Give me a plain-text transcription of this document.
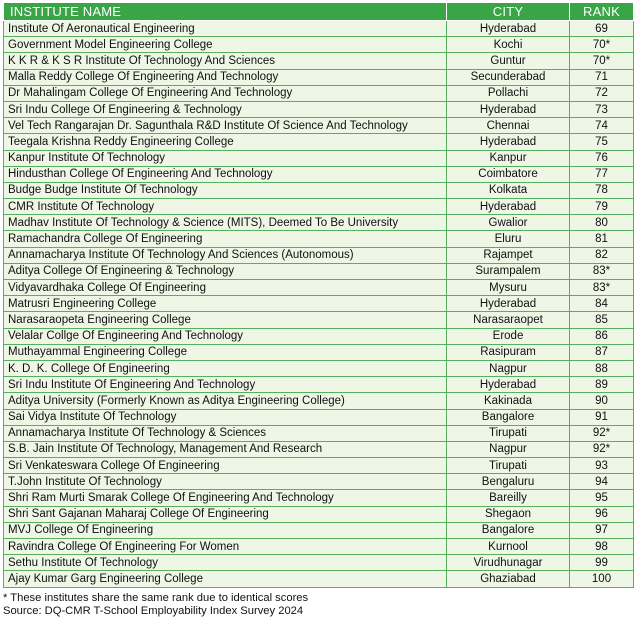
INSTITUTE NAME	CITY	RANK
Institute Of Aeronautical Engineering	Hyderabad	69
Government Model Engineering College	Kochi	70*
K K R & K S R Institute Of Technology And Sciences	Guntur	70*
Malla Reddy College Of Engineering And Technology	Secunderabad	71
Dr Mahalingam College Of Engineering And Technology	Pollachi	72
Sri Indu College Of Engineering & Technology	Hyderabad	73
Vel Tech Rangarajan Dr. Sagunthala R&D Institute Of Science And Technology	Chennai	74
Teegala Krishna Reddy Engineering College	Hyderabad	75
Kanpur Institute Of Technology	Kanpur	76
Hindusthan College Of Engineering And Technology	Coimbatore	77
Budge Budge Institute Of Technology	Kolkata	78
CMR Institute Of Technology	Hyderabad	79
Madhav Institute Of Technology & Science (MITS), Deemed To Be University	Gwalior	80
Ramachandra College Of Engineering	Eluru	81
Annamacharya Institute Of Technology And Sciences (Autonomous)	Rajampet	82
Aditya College Of Engineering & Technology	Surampalem	83*
Vidyavardhaka College Of Engineering	Mysuru	83*
Matrusri Engineering College	Hyderabad	84
Narasaraopeta Engineering College	Narasaraopet	85
Velalar Collge Of Engineering And Technology	Erode	86
Muthayammal Engineering College	Rasipuram	87
K. D. K. College Of Engineering	Nagpur	88
Sri Indu Institute Of Engineering And Technology	Hyderabad	89
Aditya University (Formerly Known as Aditya Engineering College)	Kakinada	90
Sai Vidya Institute Of Technology	Bangalore	91
Annamacharya Institute Of Technology & Sciences	Tirupati	92*
S.B. Jain Institute Of Technology, Management And Research	Nagpur	92*
Sri Venkateswara College Of Engineering	Tirupati	93
T.John Institute Of Technology	Bengaluru	94
Shri Ram Murti Smarak College Of Engineering And Technology	Bareilly	95
Shri Sant Gajanan Maharaj College Of Engineering	Shegaon	96
MVJ College Of Engineering	Bangalore	97
Ravindra College Of Engineering For Women	Kurnool	98
Sethu Institute Of Technology	Virudhunagar	99
Ajay Kumar Garg Engineering College	Ghaziabad	100
* These institutes share the same rank due to identical scores
Source: DQ-CMR T-School Employability Index Survey 2024
